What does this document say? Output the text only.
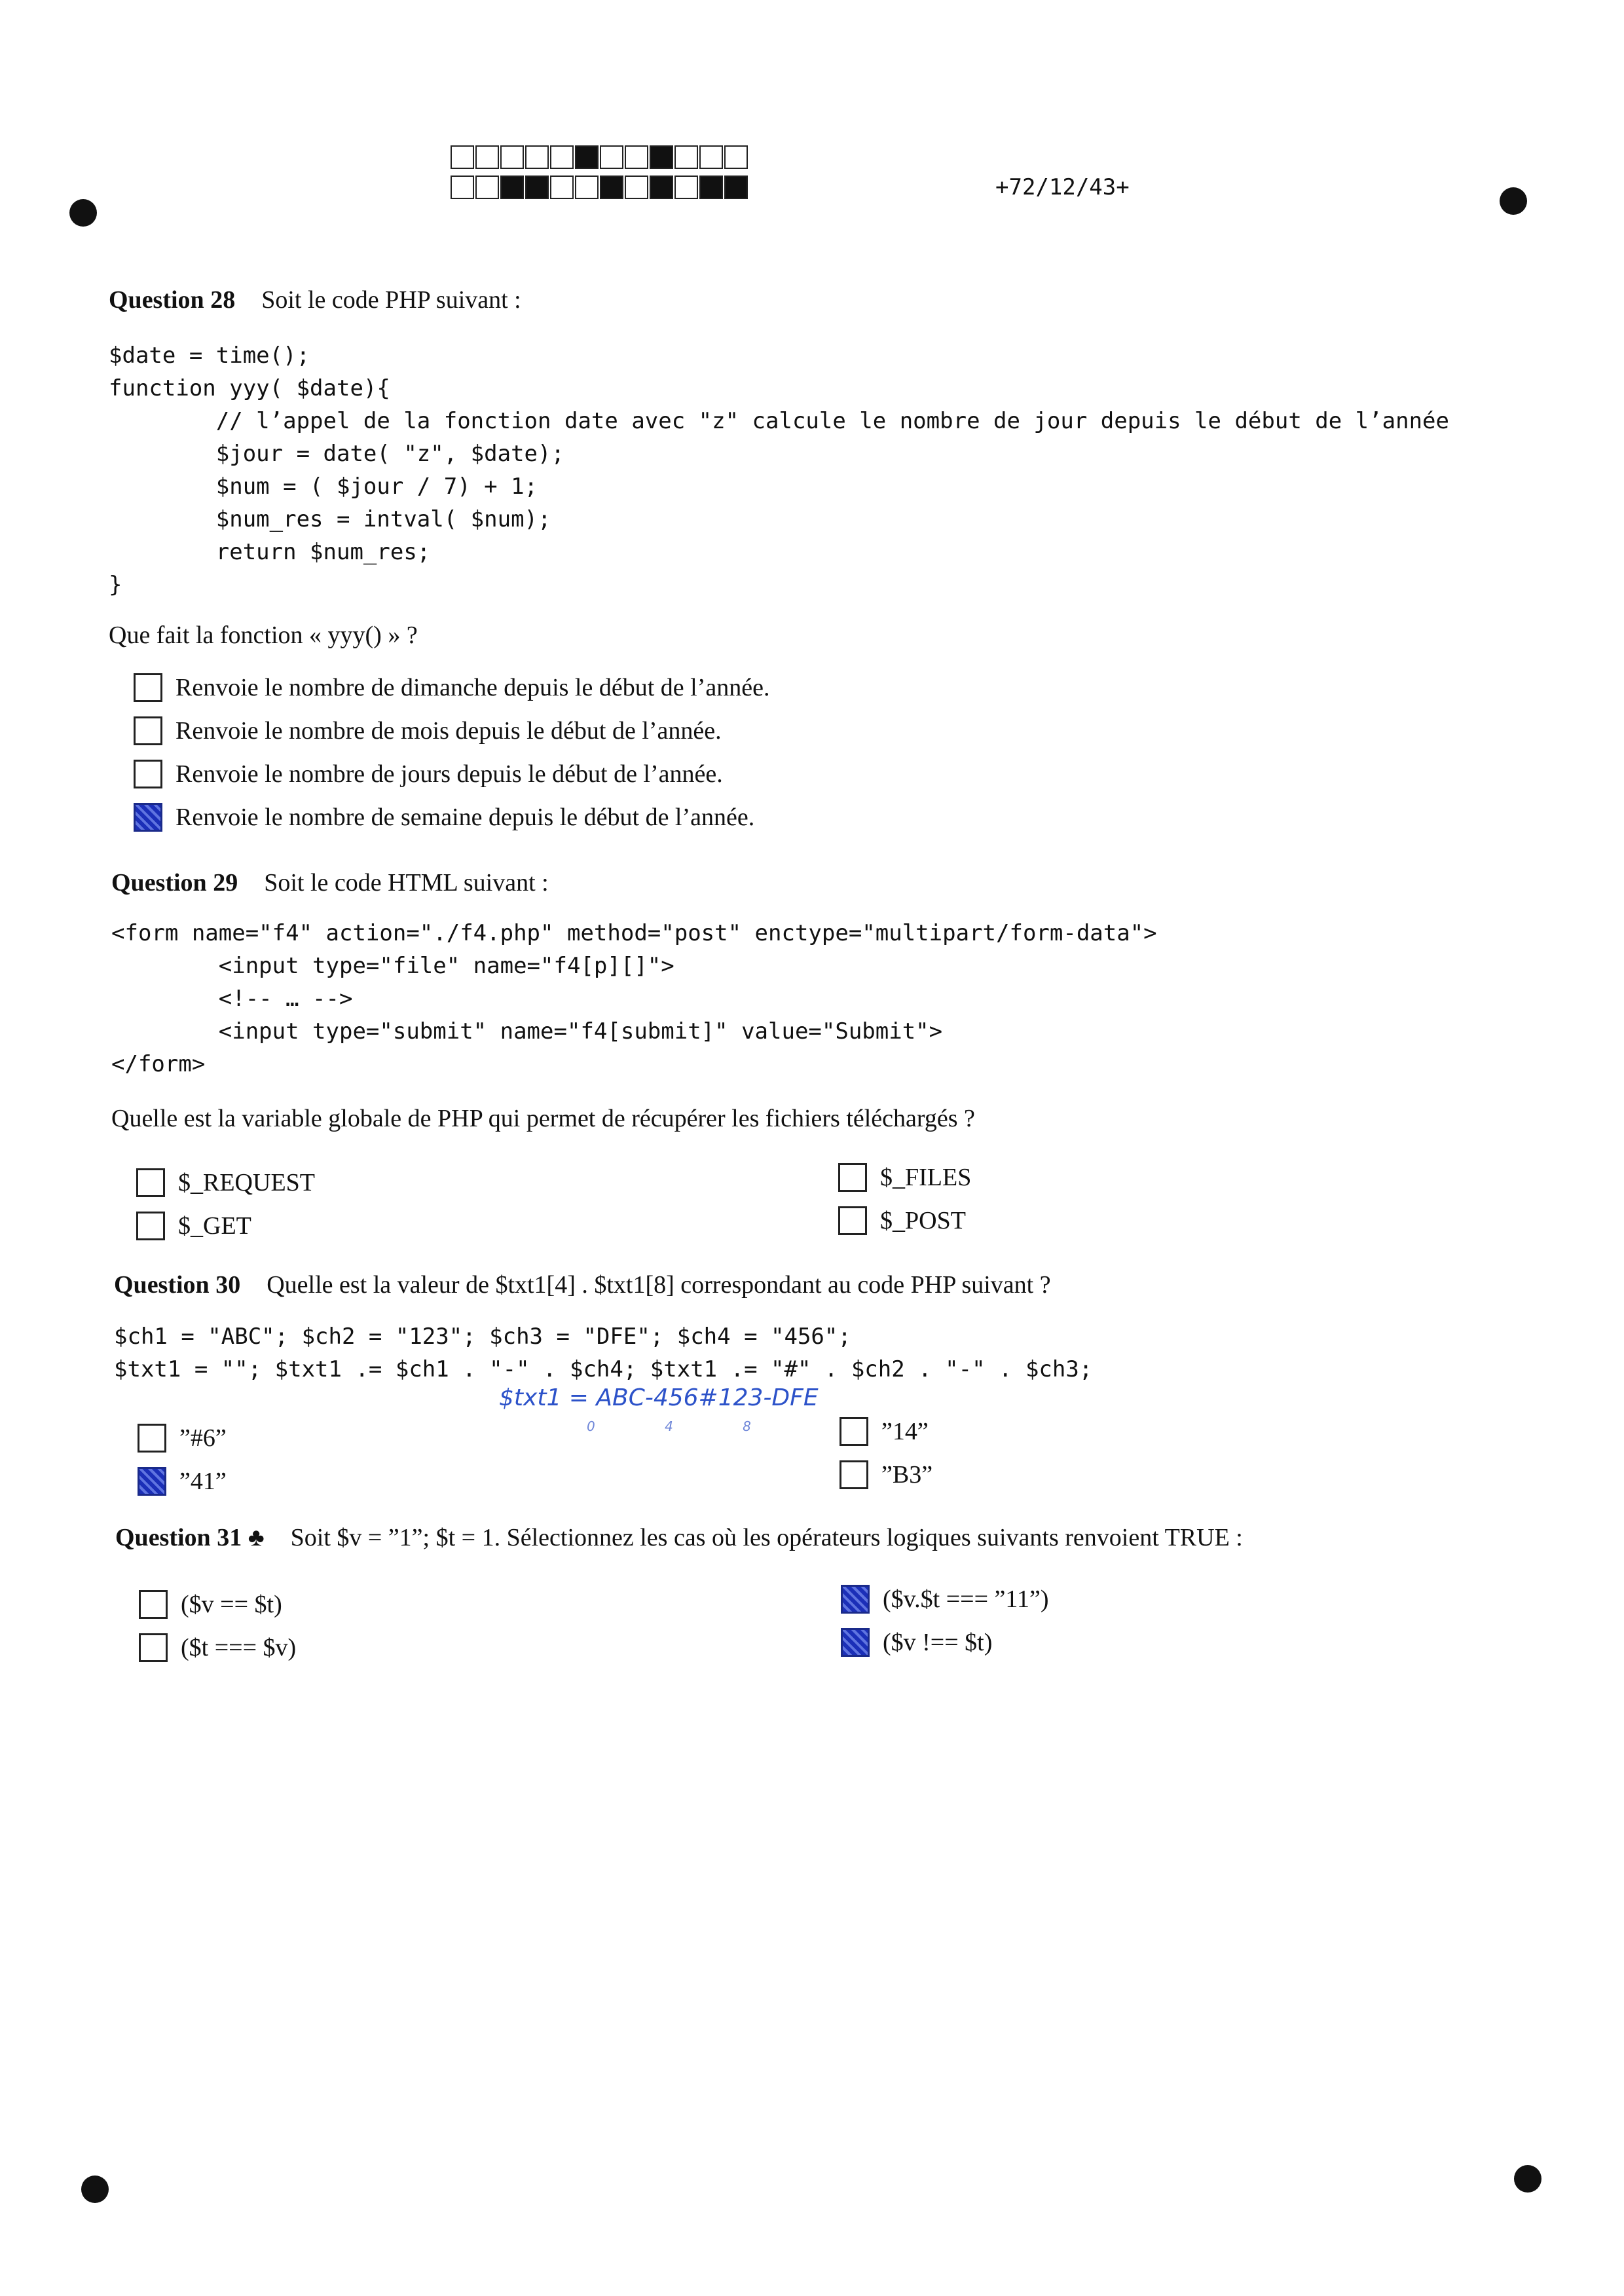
+72/12/43+
Question 28 Soit le code PHP suivant :
$date = time();
function yyy( $date){
// l’appel de la fonction date avec "z" calcule le nombre de jour depuis le début de l’année
$jour = date( "z", $date);
$num = ( $jour / 7) + 1;
$num_res = intval( $num);
return $num_res;
}
Que fait la fonction « yyy() » ?
Renvoie le nombre de dimanche depuis le début de l’année.
Renvoie le nombre de mois depuis le début de l’année.
Renvoie le nombre de jours depuis le début de l’année.
Renvoie le nombre de semaine depuis le début de l’année.
Question 29 Soit le code HTML suivant :
<form name="f4" action="./f4.php" method="post" enctype="multipart/form-data">
<input type="file" name="f4[p][]">
<!-- … -->
<input type="submit" name="f4[submit]" value="Submit">
</form>
Quelle est la variable globale de PHP qui permet de récupérer les fichiers téléchargés ?
$_REQUEST
$_GET
$_FILES
$_POST
Question 30 Quelle est la valeur de $txt1[4] . $txt1[8] correspondant au code PHP suivant ?
$ch1 = "ABC"; $ch2 = "123"; $ch3 = "DFE"; $ch4 = "456";
$txt1 = ""; $txt1 .= $ch1 . "-" . $ch4; $txt1 .= "#" . $ch2 . "-" . $ch3;
$txt1 = ABC-456#123-DFE
0 4 8
”#6”
”41”
”14”
”B3”
Question 31 ♣ Soit $v = ”1”; $t = 1. Sélectionnez les cas où les opérateurs logiques suivants renvoient TRUE :
($v == $t)
($t === $v)
($v.$t === ”11”)
($v !== $t)
